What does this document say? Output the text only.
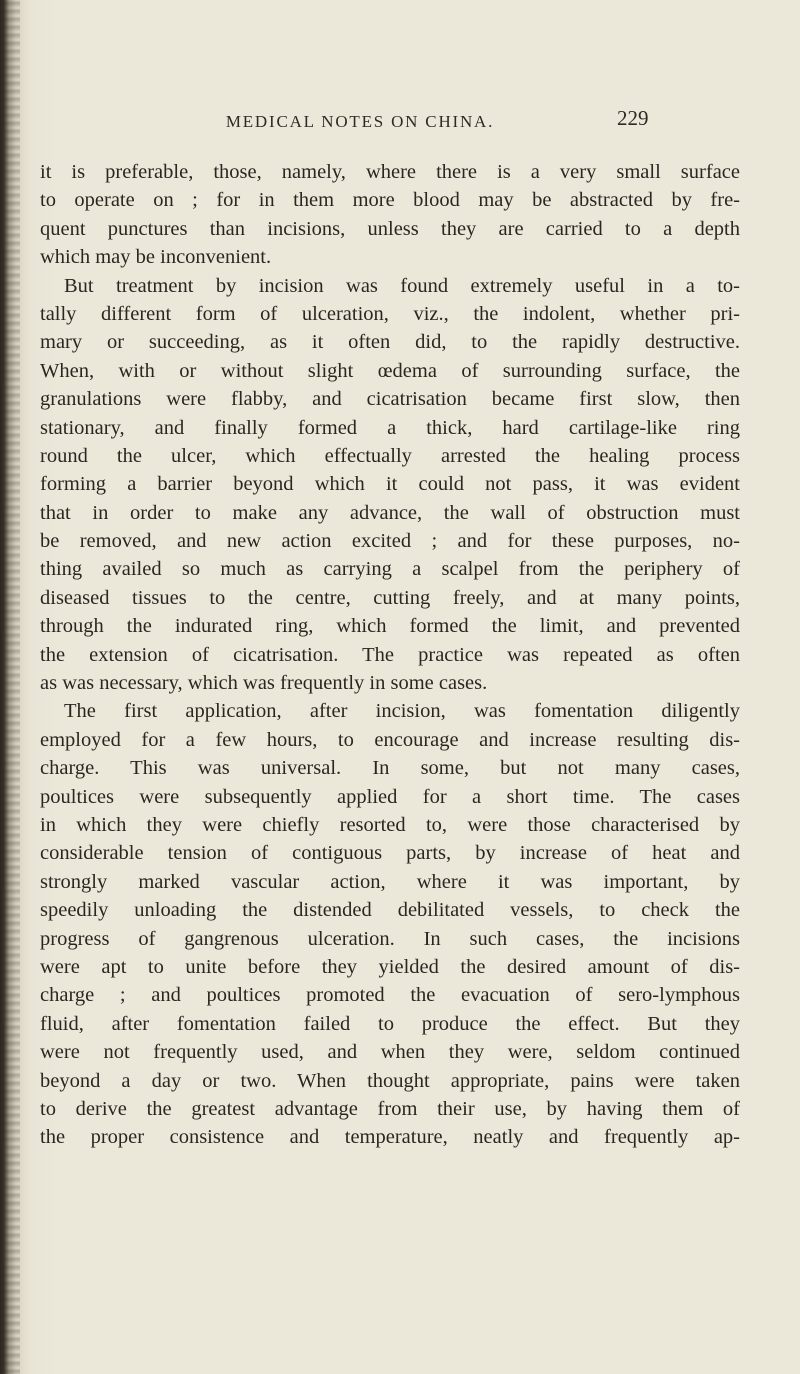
MEDICAL NOTES ON CHINA.	229
it is preferable, those, namely, where there is a very small surface
to operate on ; for in them more blood may be abstracted by fre-
quent punctures than incisions, unless they are carried to a depth
which may be inconvenient.
But treatment by incision was found extremely useful in a to-
tally different form of ulceration, viz., the indolent, whether pri-
mary or succeeding, as it often did, to the rapidly destructive.
When, with or without slight œdema of surrounding surface, the
granulations were flabby, and cicatrisation became first slow, then
stationary, and finally formed a thick, hard cartilage-like ring
round the ulcer, which effectually arrested the healing process
forming a barrier beyond which it could not pass, it was evident
that in order to make any advance, the wall of obstruction must
be removed, and new action excited ; and for these purposes, no-
thing availed so much as carrying a scalpel from the periphery of
diseased tissues to the centre, cutting freely, and at many points,
through the indurated ring, which formed the limit, and prevented
the extension of cicatrisation. The practice was repeated as often
as was necessary, which was frequently in some cases.
The first application, after incision, was fomentation diligently
employed for a few hours, to encourage and increase resulting dis-
charge. This was universal. In some, but not many cases,
poultices were subsequently applied for a short time. The cases
in which they were chiefly resorted to, were those characterised by
considerable tension of contiguous parts, by increase of heat and
strongly marked vascular action, where it was important, by
speedily unloading the distended debilitated vessels, to check the
progress of gangrenous ulceration. In such cases, the incisions
were apt to unite before they yielded the desired amount of dis-
charge ; and poultices promoted the evacuation of sero-lymphous
fluid, after fomentation failed to produce the effect. But they
were not frequently used, and when they were, seldom continued
beyond a day or two. When thought appropriate, pains were taken
to derive the greatest advantage from their use, by having them of
the proper consistence and temperature, neatly and frequently ap-
